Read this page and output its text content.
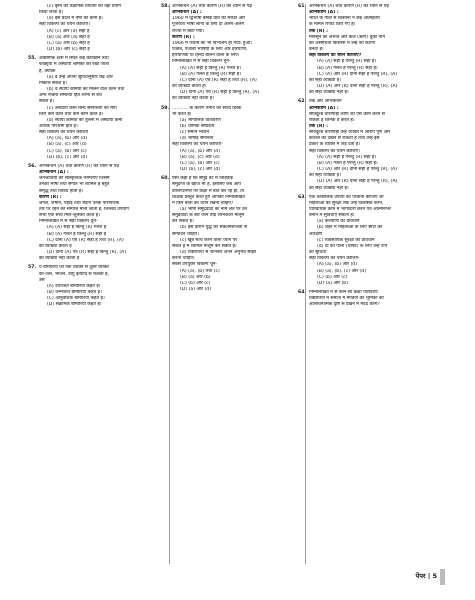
(c) कृषि की वैज्ञानिक विधियों का वहाँ प्रयोग
किया जाता है।
(d) इस प्रदेश में वर्षा की कमी है।
सही विकल्प का चयन कीजिए।
(A) (c) और (d) सही हैं
(B) (a) और (d) सही हैं
(C) (a) और (b) सही हैं
(D) (b) और (c) सही हैं
55. औद्योगिक क्षेत्रों में स्थित कई कारखाने तथा
फैक्ट्रियों में अस्थायी श्रमिकों को रखा जाता
है, क्योंकि
(a) वे उन्हें अपनी सुविधानुसार रख और
निकाल सकते हैं।
(b) वे स्थायी कर्मियों को मिलने वाले वेतन तथा
अन्य नौकरी सम्बन्धी हित लाभों से बच
सकते हैं।
(c) अस्थायी कर्मी बिना सम्पत्तियों की माँग
किए कम वेतन तथा कम काम करते हैं।
(d) स्थायी कर्मियों की तुलना में अस्थायी कर्मी
अधिक परिश्रमी होते हैं।
सही विकल्प का चयन कीजिए
(A) (a), (b) और (d)
(B) (a), (c) और (d)
(C) (a), (b) और (c)
(D) (b), (c) और (d)
56. अभिकथन (A) तथा कारण (R) को ध्यान से पढ़ें
अभिकथन (A) :
जनजातियों की सांस्कृतिक-परम्पराएँ जिसमें
उनकी भाषा तथा संगीत भी शामिल है बहुत
समृद्ध तथा विविध होती हैं।
कारण (R) :
जंगल, जमीन, पहाड़ तथा मैदान उनके पारम्परिक
तौर पर रहने की सम्पत्ति मानी जाती है, जिनका उपयोग
सभी एक साथ मिल-जुलकर करते हैं।
निम्नलिखित में से सही विकल्प चुनें-
(A) (A) सही है किन्तु (R) गलत है
(B) (A) गलत है किन्तु (R) सही है
(C) दोनों (A) एवं (R) सही हैं तथा (R), (A)
की व्याख्या करता है
(D) दोनों (A) एवं (R) सही हैं किन्तु (R), (A)
की व्याख्या नहीं करता है
57. ये बीमारियाँ जो एक व्यक्ति से दूसरे व्यक्ति
को-जल, भोजन, वायु इत्यादि से फैलती है,
उसे
(A) उपार्जित बीमारियाँ कहते हैं।
(B) जन्मजात बीमारियाँ कहते हैं।
(C) आनुवंशिक बीमारियाँ कहते हैं।
(D) संक्रामक बीमारियाँ कहते हैं।
58. अभिकथन (A) तथा कारण (R) को ध्यान से पढ़ें
अभिकथन (A) :
1960 में द्विभाषी बम्बई प्रांत को मराठी और
गुजराती भाषी लोगों के लिए दो अलग-अलग
राज्यों में बाँटा गया।
कारण (R) :
1966 में पंजाब का भी विभाजन हो गया। हुआ।
पंजाब, पंजाबी भाषियों के लिए और हरियाणा,
हरियाणवी या हिन्दी बोलने वालों के लिए।
निम्नलिखित में से सही विकल्प चुनें-
(A) (A) सही है किन्तु (R) गलत है।
(B) (A) गलत है किन्तु (R) सही है।
(C) दोनों (A) एवं (R) सही हैं तथा (R), (A)
की व्याख्या करता है।
(D) दोनों (A) एवं (R) सही हैं किन्तु (R), (A)
की व्याख्या नहीं करता है।
59. ........... के कारण तनाव को सोचा डिस्क
भी करते हैं।
(a) भौगोलिक वातावरण
(b) धार्मिक सम्प्रदाय
(c) समान भोजन
(d) भाषाई समानता
सही विकल्प का चयन कीजिए-
(A) (a), (b) और (d)
(B) (a), (c) और (d)
(C) (a), (b) और (c)
(D) (b), (c) और (d)
60. ऐसा कहा है कि समुद्र तट में तिहिवाई
समुद्रग्ज के खाज भी हैं, इसलिए जब आप
वाशिंगटनगर पर कक्षा में बात कर रहे हो, तो
शिक्षक प्रस्तुत करते हुए आपको निम्नलिखित
में किन बातों का ध्यान रखना चाहिए?
(a) भाषा समुद्रवादी का नाम लेते पर उन
समुद्रवादी के बारे जान तोड़ लाभकारी मालूम
कर सकते हैं।
(b) इस दौरान युद्ध को सकेतनशीलता से
सम्पादन चाहिए।
(c) खूब साथ करने वाला ध्यान पर
सकते हैं में शामिल मालूम कर सकते हैं।
(d) विद्यार्थियों से जानकर अपने अनुभव साझा
करना चाहिए।
सबसे उपयुक्त विकल्प चुनें-
(A) (a), (b) तथा (c)
(B) (a) और (b)
(C) (b) और (c)
(D) (a) और (d)
61. अभिकथन (A) तथा कारण (R) को ध्यान से पढ़ें
अभिकथन (A) :
भारत के गांवों से किसानों ने कई आत्महत्या
के मामले रिपोर्ट किए गए हैं।
तर्क (R) :
मानसून का अभाव और कर्ज (ऋण) चुका पाने
की असमर्थता किसानों में उन्हें का कारण
बनता है।
सही विकल्प का चयन कीजिए?
(A) (A) सही है परन्तु (R) सही है।
(B) (A) गलत है परन्तु (R) सही है।
(C) (A) और (R) दोनों सही हैं परन्तु (R), (A)
की सही व्याख्या है।
(D) (A) और (R) दोनों सही हैं परन्तु (R), (A)
की सही व्याख्या नहीं है।
62. तर्क और अभिकथन
अभिकथन (A) :
सर्विदूल्ड चारागाहों लोगों को ऐसे काम करने से
रोकती है जिनके वे करते हैं।
तर्क (R) :
सर्विदूल्ड चारागाहों उन्हें व्यक्ति में आरोप पूर्ण और
कौशल को देखने से रोकती है तथा उन्हें इस
प्रकार के व्यक्ति में जड़ देती है।
सही विकल्प का चयन कीजिए।
(A) (A) सही है परन्तु (R) सही है।
(B) (A) गलत है परन्तु (R) सही है।
(C) (A) और (R) दोनों सही हैं परन्तु (R), (A)
की सही व्याख्या है।
(D) (A) और (R) दोनों सही हैं परन्तु (R), (A)
की सही व्याख्या नहीं है।
63. एक तत्कालिक उपायों की परवाना कीजिए जो
महिलाओं की सुरक्षा तक उन्हें विकसित करने,
पारिवारिक काम में भागीदारी करने एवं आत्मनिर्भर
बनाने में सुविधाएँ सकता है।
(a) कल्याणी का प्रावधान
(b) शहर में महिलाओं के लिए सीटों का
आरक्षण
(c) व्यवसायिक सुरक्षा का प्रावधान
(d) दो की पाली (शिफ्ट) के लिए उन्हें टीप
की सुविधा
सही विकल्प का चयन कीजिए-
(A) (a), (b) और (d)
(B) (a), (b), (c) और (d)
(C) (b) और (c)
(D) (a) और (b)
64. निम्नलिखित में से कौन-सी कक्षा परिदिवेय
विद्यार्थियों में समाज में मीडिया की भूमिका को
आलोचनात्मक दृष्टि से देखने में मदद करेंगे?
पेपर | 5
